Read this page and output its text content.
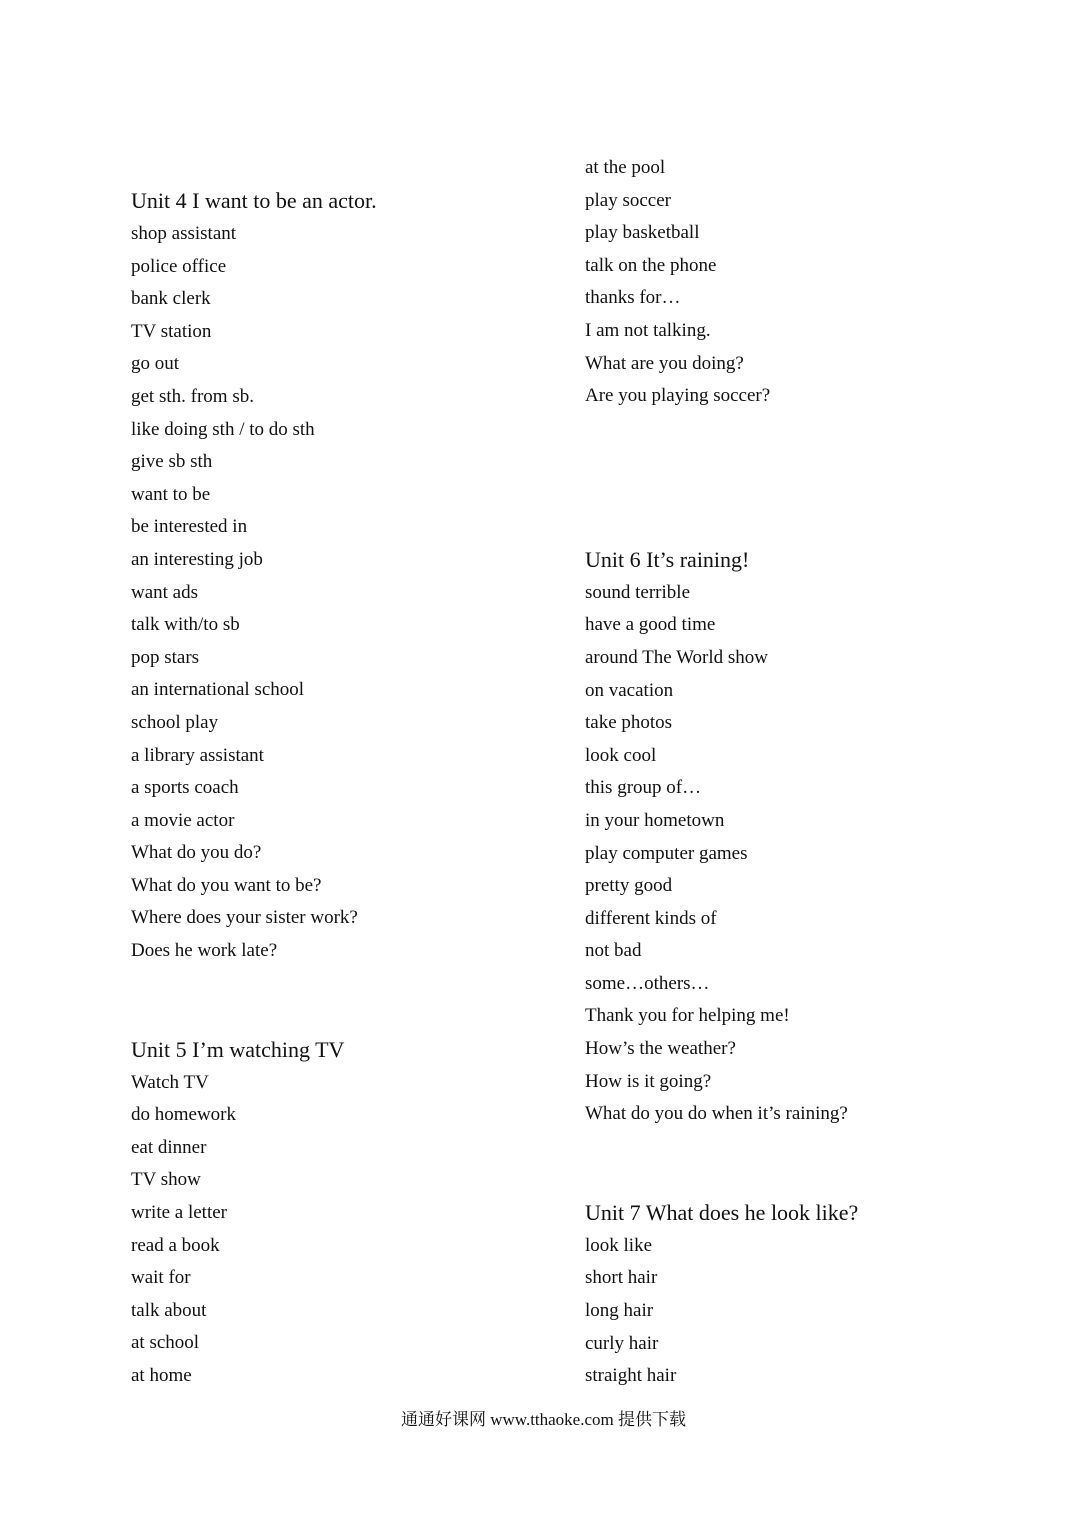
Unit 4 I want to be an actor.
shop assistant
police office
bank clerk
TV station
go out
get sth. from sb.
like doing sth / to do sth
give sb sth
want to be
be interested in
an interesting job
want ads
talk with/to sb
pop stars
an international school
school play
a library assistant
a sports coach
a movie actor
What do you do?
What do you want to be?
Where does your sister work?
Does he work late?
Unit 5 I’m watching TV
Watch TV
do homework
eat dinner
TV show
write a letter
read a book
wait for
talk about
at school
at home
at the pool
play soccer
play basketball
talk on the phone
thanks for…
I am not talking.
What are you doing?
Are you playing soccer?
Unit 6 It’s raining!
sound terrible
have a good time
around The World show
on vacation
take photos
look cool
this group of…
in your hometown
play computer games
pretty good
different kinds of
not bad
some…others…
Thank you for helping me!
How’s the weather?
How is it going?
What do you do when it’s raining?
Unit 7 What does he look like?
look like
short hair
long hair
curly hair
straight hair
通通好课网 www.tthaoke.com 提供下载
